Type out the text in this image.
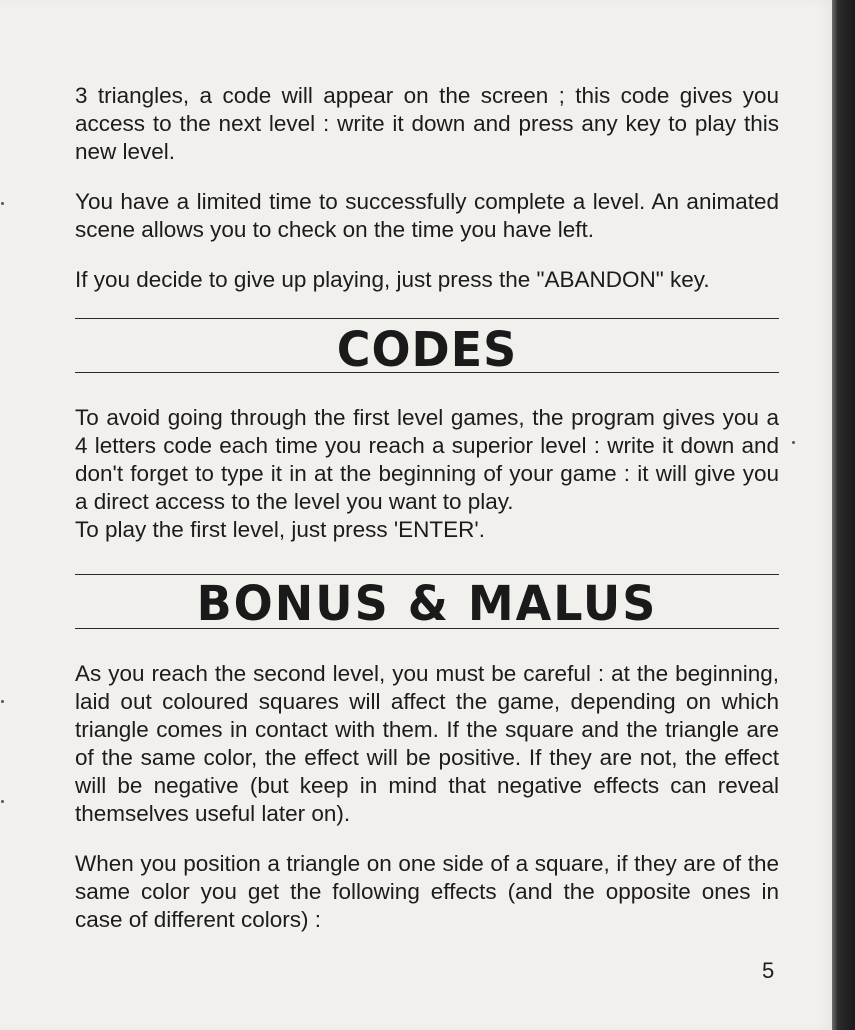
3 triangles, a code will appear on the screen ; this code gives you access to the next level : write it down and press any key to play this new level.

You have a limited time to successfully complete a level. An animated scene allows you to check on the time you have left.

If you decide to give up playing, just press the "ABANDON" key.

CODES

To avoid going through the first level games, the program gives you a 4 letters code each time you reach a superior level : write it down and don't forget to type it in at the beginning of your game : it will give you a direct access to the level you want to play.

To play the first level, just press 'ENTER'.

BONUS & MALUS

As you reach the second level, you must be careful : at the beginning, laid out coloured squares will affect the game, depending on which triangle comes in contact with them. If the square and the triangle are of the same color, the effect will be positive. If they are not, the effect will be negative (but keep in mind that negative effects can reveal themselves useful later on).

When you position a triangle on one side of a square, if they are of the same color you get the following effects (and the opposite ones in case of different colors) :

5
